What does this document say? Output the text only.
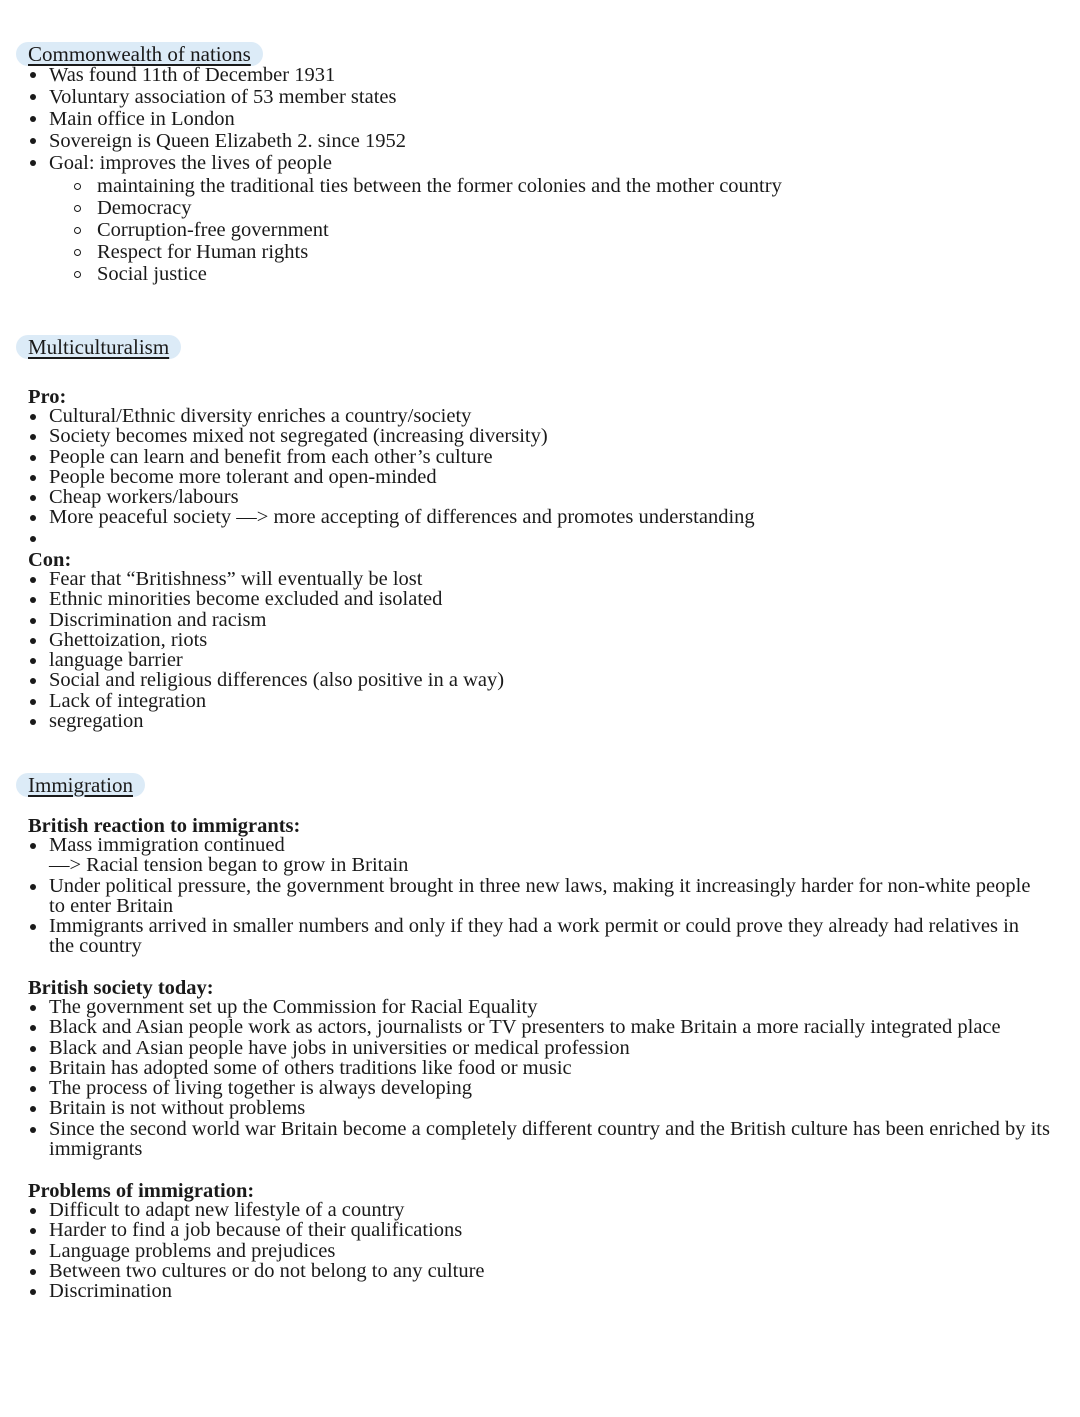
Commonwealth of nations
Was found 11th of December 1931
Voluntary association of 53 member states
Main office in London
Sovereign is Queen Elizabeth 2. since 1952
Goal: improves the lives of people
maintaining the traditional ties between the former colonies and the mother country
Democracy
Corruption-free government
Respect for Human rights
Social justice
Multiculturalism
Pro:
Cultural/Ethnic diversity enriches a country/society
Society becomes mixed not segregated (increasing diversity)
People can learn and benefit from each other’s culture
People become more tolerant and open-minded
Cheap workers/labours
More peaceful society —> more accepting of differences and promotes understanding
Con:
Fear that “Britishness” will eventually be lost
Ethnic minorities become excluded and isolated
Discrimination and racism
Ghettoization, riots
language barrier
Social and religious differences (also positive in a way)
Lack of integration
segregation
Immigration
British reaction to immigrants:
Mass immigration continued
—> Racial tension began to grow in Britain
Under political pressure, the government brought in three new laws, making it increasingly harder for non-white people to enter Britain
Immigrants arrived in smaller numbers and only if they had a work permit or could prove they already had relatives in the country
British society today:
The government set up the Commission for Racial Equality
Black and Asian people work as actors, journalists or TV presenters to make Britain a more racially integrated place
Black and Asian people have jobs in universities or medical profession
Britain has adopted some of others traditions like food or music
The process of living together is always developing
Britain is not without problems
Since the second world war Britain become a completely different country and the British culture has been enriched by its immigrants
Problems of immigration:
Difficult to adapt new lifestyle of a country
Harder to find a job because of their qualifications
Language problems and prejudices
Between two cultures or do not belong to any culture
Discrimination
